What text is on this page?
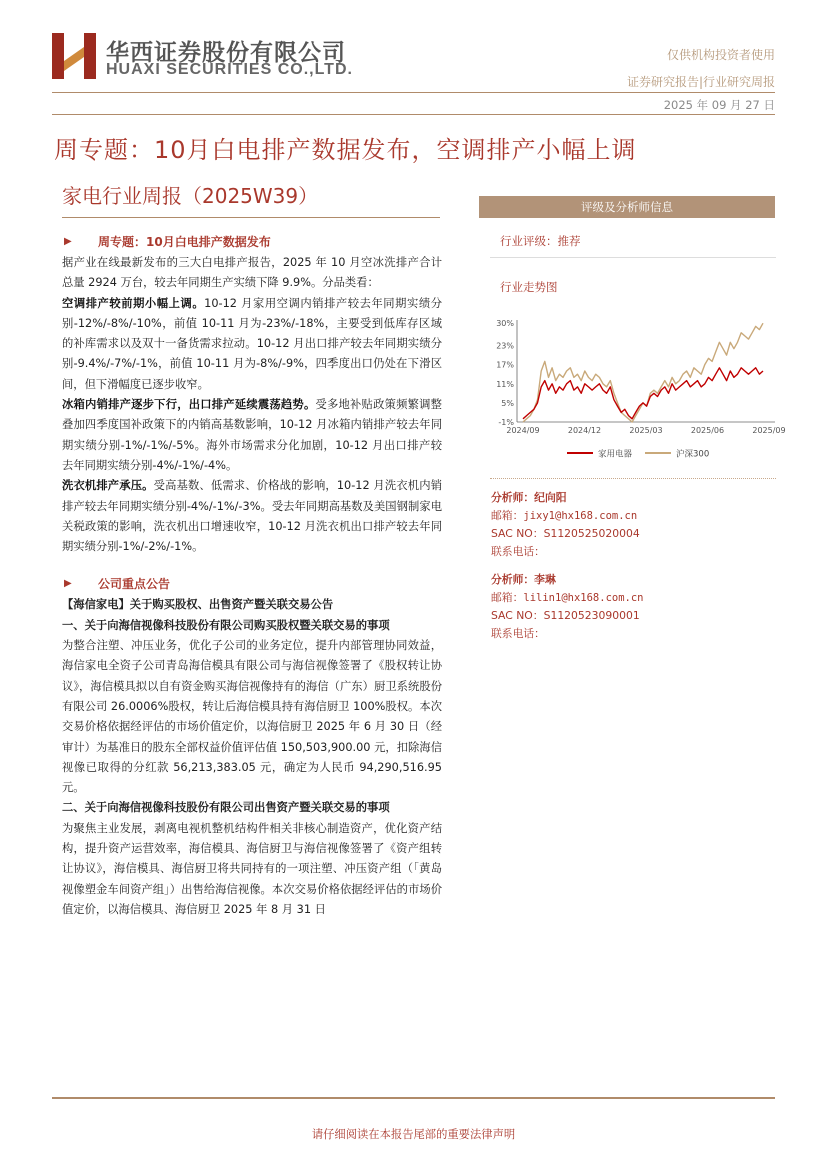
华西证券股份有限公司
HUAXI SECURITIES CO.,LTD.
仅供机构投资者使用
证券研究报告|行业研究周报
2025 年 09 月 27 日
周专题：10月白电排产数据发布，空调排产小幅上调
家电行业周报（2025W39）
▶ 周专题：10月白电排产数据发布

据产业在线最新发布的三大白电排产报告，2025 年 10 月空冰洗排产合计总量 2924 万台，较去年同期生产实绩下降 9.9%。分品类看：

空调排产较前期小幅上调。10-12 月家用空调内销排产较去年同期实绩分别-12%/-8%/-10%，前值 10-11 月为-23%/-18%，主要受到低库存区域的补库需求以及双十一备货需求拉动。10-12 月出口排产较去年同期实绩分别-9.4%/-7%/-1%，前值 10-11 月为-8%/-9%，四季度出口仍处在下滑区间，但下滑幅度已逐步收窄。

冰箱内销排产逐步下行，出口排产延续震荡趋势。受多地补贴政策频繁调整叠加四季度国补政策下的内销高基数影响，10-12 月冰箱内销排产较去年同期实绩分别-1%/-1%/-5%。海外市场需求分化加剧，10-12 月出口排产较去年同期实绩分别-4%/-1%/-4%。

洗衣机排产承压。受高基数、低需求、价格战的影响，10-12 月洗衣机内销排产较去年同期实绩分别-4%/-1%/-3%。受去年同期高基数及美国钢制家电关税政策的影响，洗衣机出口增速收窄，10-12 月洗衣机出口排产较去年同期实绩分别-1%/-2%/-1%。

▶ 公司重点公告

【海信家电】关于购买股权、出售资产暨关联交易公告

一、关于向海信视像科技股份有限公司购买股权暨关联交易的事项

为整合注塑、冲压业务，优化子公司的业务定位，提升内部管理协同效益，海信家电全资子公司青岛海信模具有限公司与海信视像签署了《股权转让协议》，海信模具拟以自有资金购买海信视像持有的海信（广东）厨卫系统股份有限公司 26.0006%股权，转让后海信模具持有海信厨卫 100%股权。本次交易价格依据经评估的市场价值定价，以海信厨卫 2025 年 6 月 30 日（经审计）为基准日的股东全部权益价值评估值 150,503,900.00 元，扣除海信视像已取得的分红款 56,213,383.05 元，确定为人民币 94,290,516.95 元。

二、关于向海信视像科技股份有限公司出售资产暨关联交易的事项

为聚焦主业发展，剥离电视机整机结构件相关非核心制造资产，优化资产结构，提升资产运营效率，海信模具、海信厨卫与海信视像签署了《资产组转让协议》，海信模具、海信厨卫将共同持有的一项注塑、冲压资产组（「黄岛视像塑金车间资产组」）出售给海信视像。本次交易价格依据经评估的市场价值定价，以海信模具、海信厨卫 2025 年 8 月 31 日

评级及分析师信息
行业评级：推荐
行业走势图
30%
23%
17%
11%
5%
-1%
2024/09	2024/12	2025/03	2025/06	2025/09
家用电器	沪深300
分析师：纪向阳
邮箱：jixy1@hx168.com.cn
SAC NO：S1120525020004
联系电话：
分析师：李琳
邮箱：lilin1@hx168.com.cn
SAC NO：S1120523090001
联系电话：
请仔细阅读在本报告尾部的重要法律声明
